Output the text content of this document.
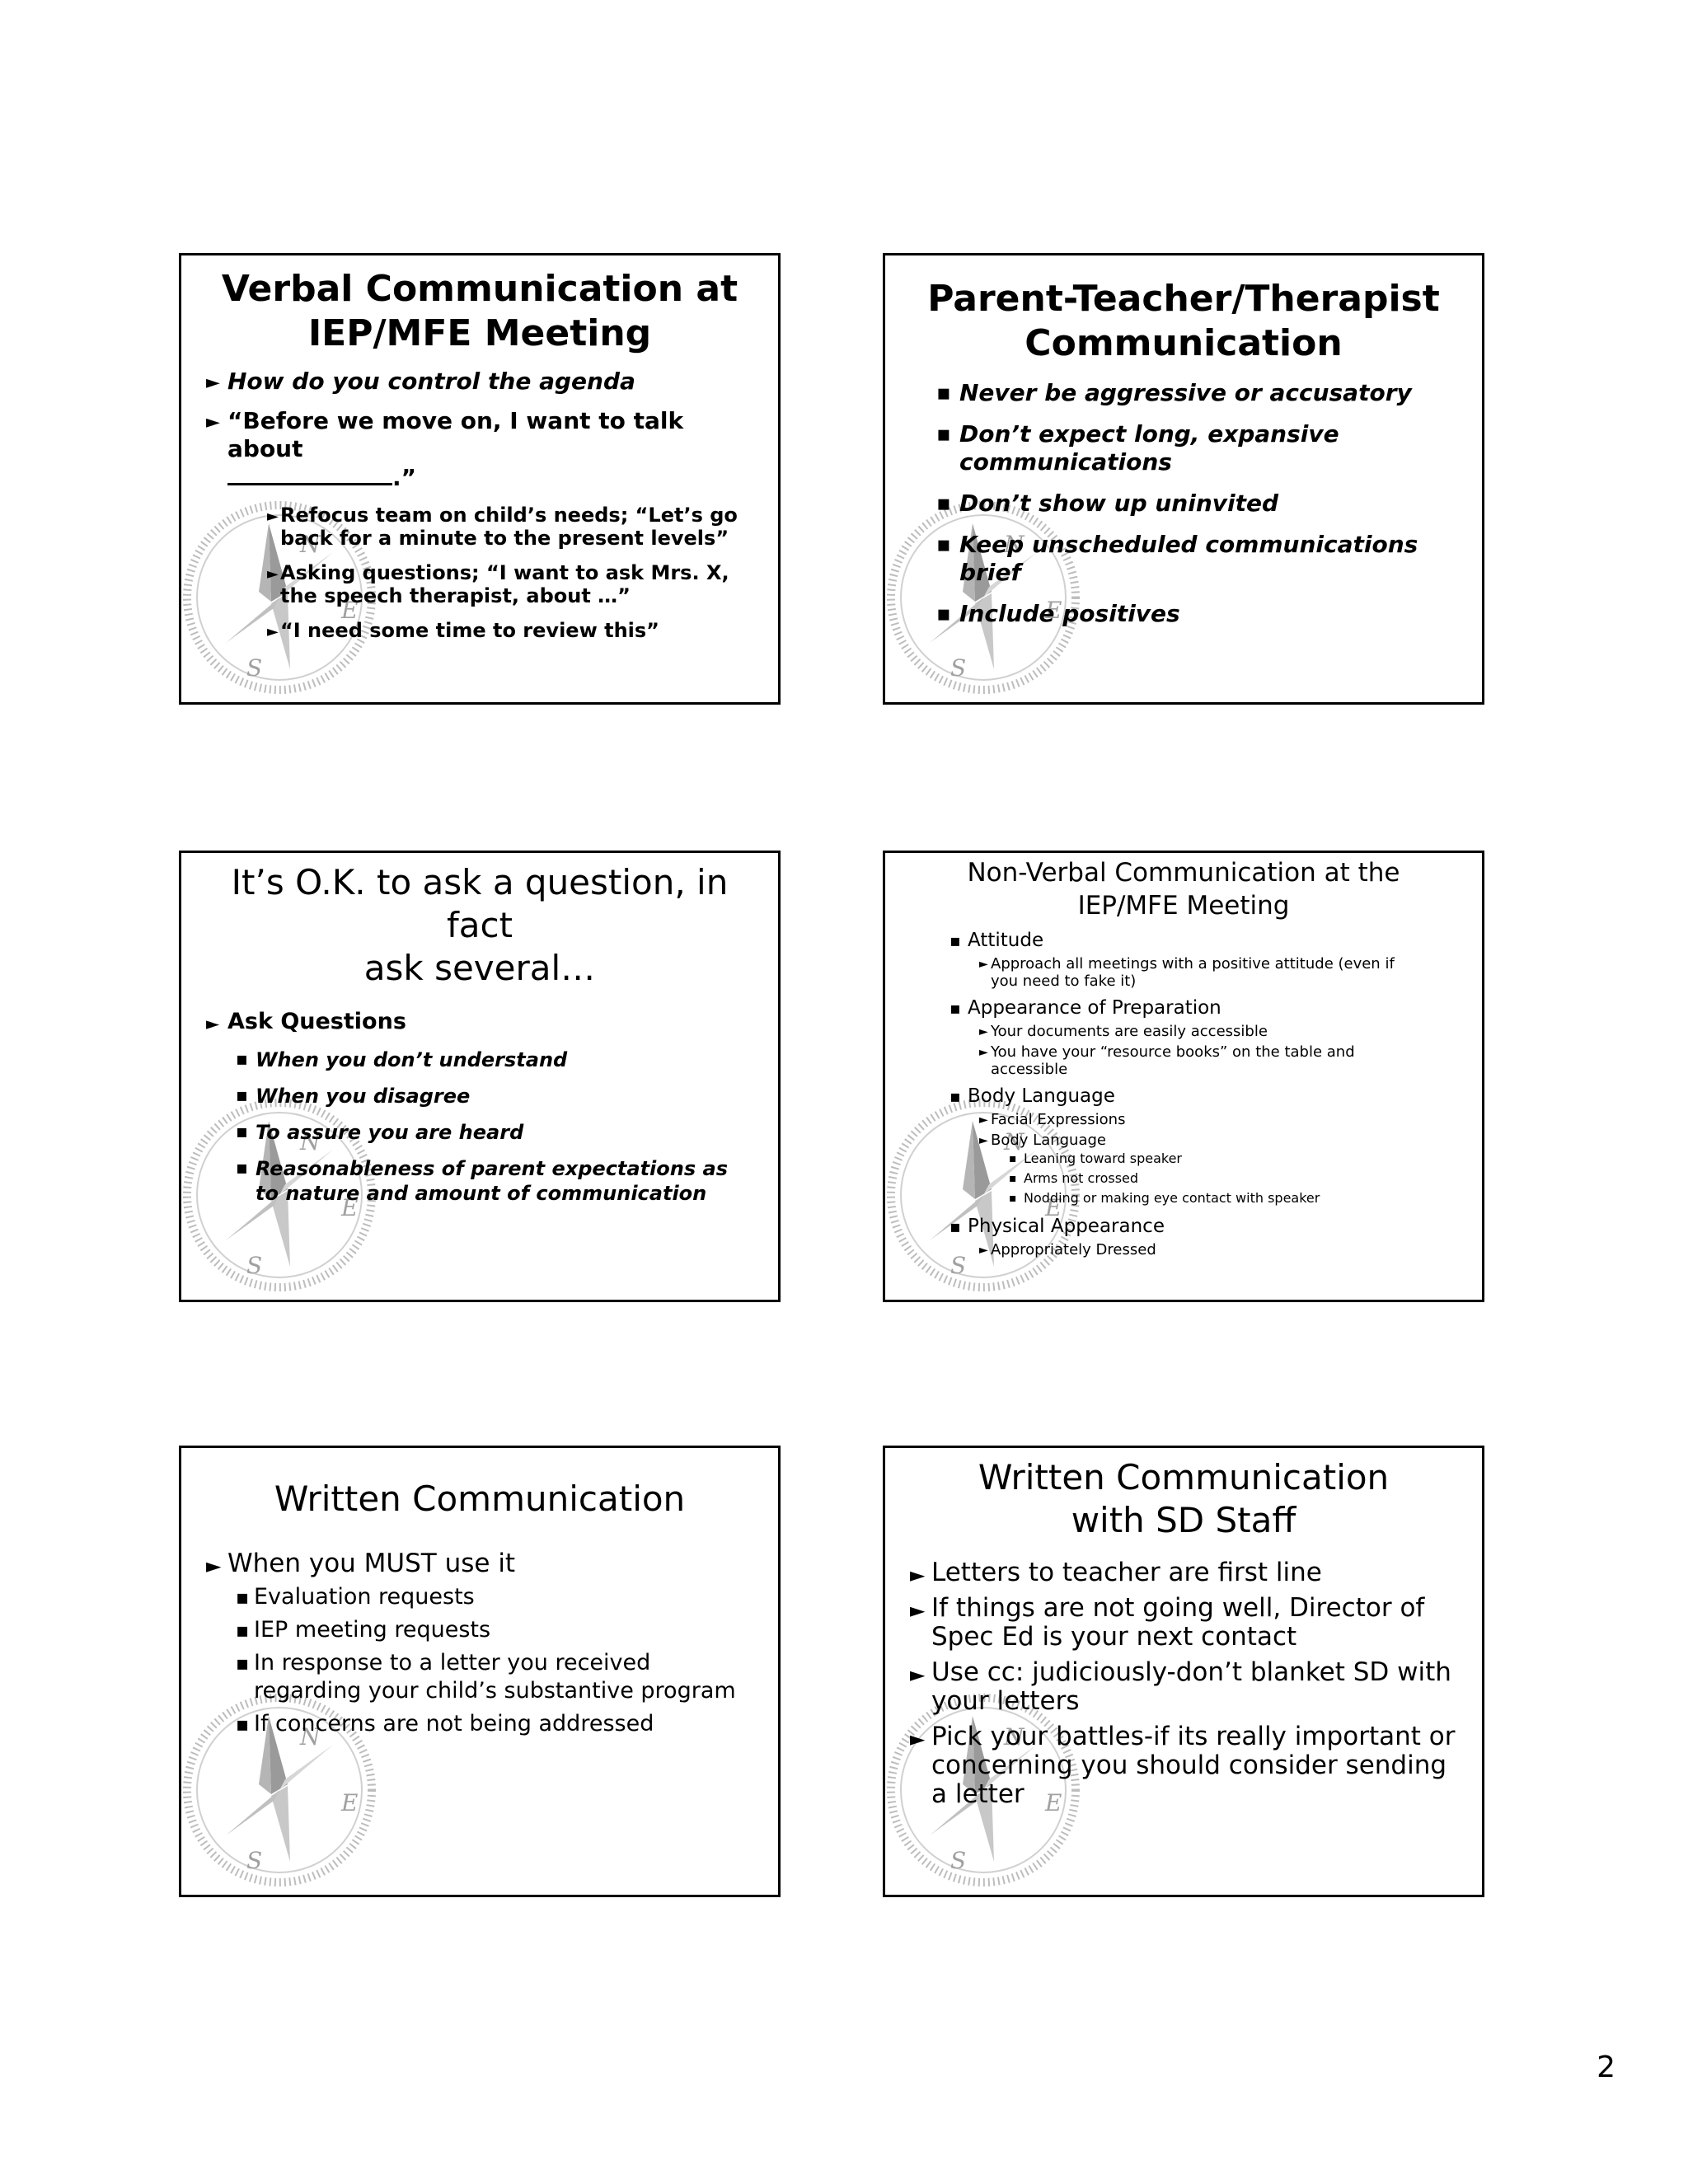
Verbal Communication at
IEP/MFE Meeting
► How do you control the agenda
► “Before we move on, I want to talk about
.”
► Refocus team on child’s needs; “Let’s go back for a minute to the present levels”
► Asking questions; “I want to ask Mrs. X, the speech therapist, about …”
► “I need some time to review this”
Parent-Teacher/Therapist
Communication
▪ Never be aggressive or accusatory
▪ Don’t expect long, expansive communications
▪ Don’t show up uninvited
▪ Keep unscheduled communications brief
▪ Include positives
It’s O.K. to ask a question, in fact
ask several…
► Ask Questions
▪ When you don’t understand
▪ When you disagree
▪ To assure you are heard
▪ Reasonableness of parent expectations as to nature and amount of communication
Non-Verbal Communication at the
IEP/MFE Meeting
▪ Attitude
► Approach all meetings with a positive attitude (even if you need to fake it)
▪ Appearance of Preparation
► Your documents are easily accessible
► You have your “resource books” on the table and accessible
▪ Body Language
► Facial Expressions
► Body Language
▪ Leaning toward speaker
▪ Arms not crossed
▪ Nodding or making eye contact with speaker
▪ Physical Appearance
► Appropriately Dressed
Written Communication
► When you MUST use it
▪ Evaluation requests
▪ IEP meeting requests
▪ In response to a letter you received regarding your child’s substantive program
▪ If concerns are not being addressed
Written Communication
with SD Staff
► Letters to teacher are first line
► If things are not going well, Director of Spec Ed is your next contact
► Use cc: judiciously-don’t blanket SD with your letters
► Pick your battles-if its really important or concerning you should consider sending a letter
2
